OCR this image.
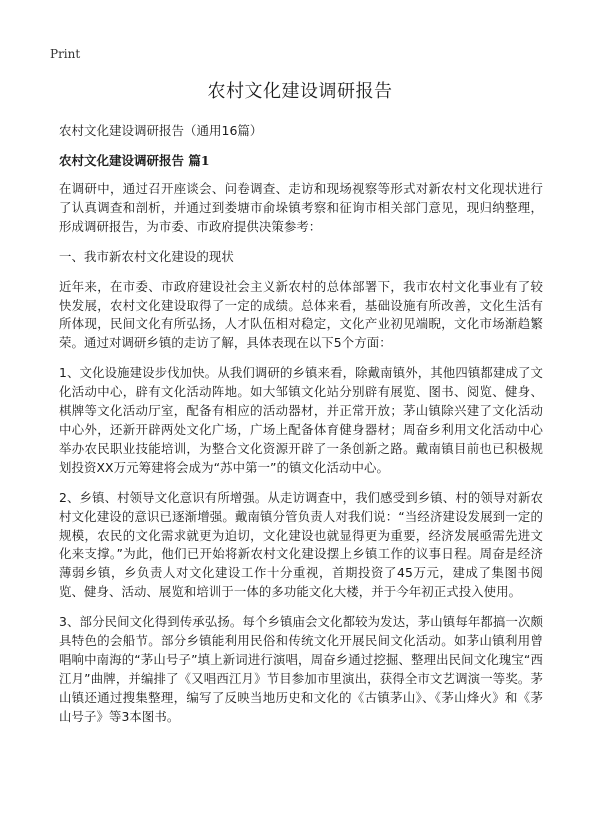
Print
农村文化建设调研报告

农村文化建设调研报告（通用16篇）

农村文化建设调研报告 篇1

在调研中，通过召开座谈会、问卷调查、走访和现场视察等形式对新农村文化现状进行了认真调查和剖析，并通过到娄塘市俞垛镇考察和征询市相关部门意见，现归纳整理，形成调研报告，为市委、市政府提供决策参考：

一、我市新农村文化建设的现状

近年来，在市委、市政府建设社会主义新农村的总体部署下，我市农村文化事业有了较快发展，农村文化建设取得了一定的成绩。总体来看，基础设施有所改善，文化生活有所体现，民间文化有所弘扬，人才队伍相对稳定，文化产业初见端睨，文化市场渐趋繁荣。通过对调研乡镇的走访了解，具体表现在以下5个方面：

1、文化设施建设步伐加快。从我们调研的乡镇来看，除戴南镇外，其他四镇都建成了文化活动中心，辟有文化活动阵地。如大邹镇文化站分别辟有展览、图书、阅览、健身、棋牌等文化活动厅室，配备有相应的活动器材，并正常开放；茅山镇除兴建了文化活动中心外，还新开辟两处文化广场，广场上配备体育健身器材；周奋乡利用文化活动中心举办农民职业技能培训，为整合文化资源开辟了一条创新之路。戴南镇目前也已积极规划投资XX万元筹建将会成为“苏中第一”的镇文化活动中心。

2、乡镇、村领导文化意识有所增强。从走访调查中，我们感受到乡镇、村的领导对新农村文化建设的意识已逐渐增强。戴南镇分管负责人对我们说：“当经济建设发展到一定的规模，农民的文化需求就更为迫切，文化建设也就显得更为重要，经济发展亟需先进文化来支撑。”为此，他们已开始将新农村文化建设摆上乡镇工作的议事日程。周奋是经济薄弱乡镇，乡负责人对文化建设工作十分重视，首期投资了45万元，建成了集图书阅览、健身、活动、展览和培训于一体的多功能文化大楼，并于今年初正式投入使用。

3、部分民间文化得到传承弘扬。每个乡镇庙会文化都较为发达，茅山镇每年都搞一次颇具特色的会船节。部分乡镇能利用民俗和传统文化开展民间文化活动。如茅山镇利用曾唱响中南海的“茅山号子”填上新词进行演唱，周奋乡通过挖掘、整理出民间文化瑰宝“西江月”曲牌，并编排了《又唱西江月》节目参加市里演出，获得全市文艺调演一等奖。茅山镇还通过搜集整理，编写了反映当地历史和文化的《古镇茅山》、《茅山烽火》和《茅山号子》等3本图书。
